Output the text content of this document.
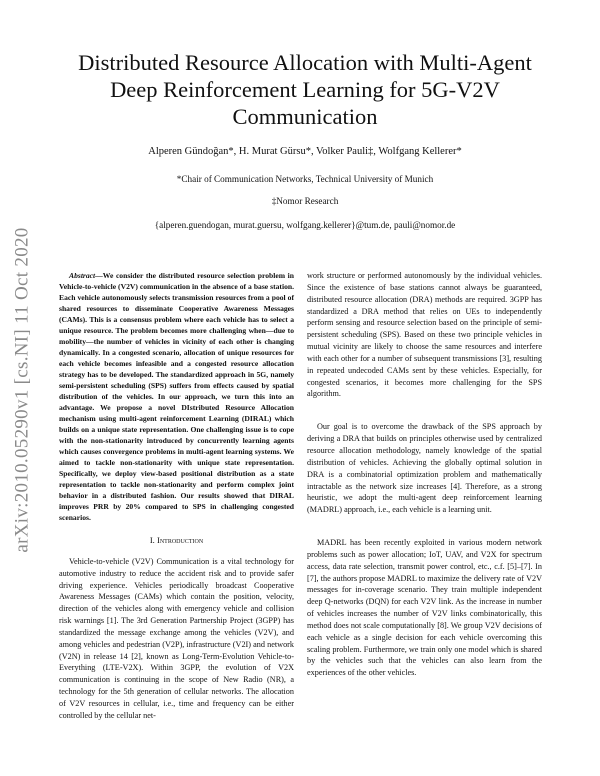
arXiv:2010.05290v1 [cs.NI] 11 Oct 2020
Distributed Resource Allocation with Multi-Agent
Deep Reinforcement Learning for 5G-V2V
Communication
Alperen Gündoğan*, H. Murat Gürsu*, Volker Pauli‡, Wolfgang Kellerer*
*Chair of Communication Networks, Technical University of Munich
‡Nomor Research
{alperen.guendogan, murat.guersu, wolfgang.kellerer}@tum.de, pauli@nomor.de

Abstract—We consider the distributed resource selection problem in Vehicle-to-vehicle (V2V) communication in the absence of a base station. Each vehicle autonomously selects transmission resources from a pool of shared resources to disseminate Cooperative Awareness Messages (CAMs). This is a consensus problem where each vehicle has to select a unique resource. The problem becomes more challenging when—due to mobility—the number of vehicles in vicinity of each other is changing dynamically. In a congested scenario, allocation of unique resources for each vehicle becomes infeasible and a congested resource allocation strategy has to be developed. The standardized approach in 5G, namely semi-persistent scheduling (SPS) suffers from effects caused by spatial distribution of the vehicles. In our approach, we turn this into an advantage. We propose a novel DIstributed Resource Allocation mechanism using multi-agent reinforcement Learning (DIRAL) which builds on a unique state representation. One challenging issue is to cope with the non-stationarity introduced by concurrently learning agents which causes convergence problems in multi-agent learning systems. We aimed to tackle non-stationarity with unique state representation. Specifically, we deploy view-based positional distribution as a state representation to tackle non-stationarity and perform complex joint behavior in a distributed fashion. Our results showed that DIRAL improves PRR by 20% compared to SPS in challenging congested scenarios.

I. Introduction

Vehicle-to-vehicle (V2V) Communication is a vital technology for automotive industry to reduce the accident risk and to provide safer driving experience. Vehicles periodically broadcast Cooperative Awareness Messages (CAMs) which contain the position, velocity, direction of the vehicles along with emergency vehicle and collision risk warnings [1]. The 3rd Generation Partnership Project (3GPP) has standardized the message exchange among the vehicles (V2V), and among vehicles and pedestrian (V2P), infrastructure (V2I) and network (V2N) in release 14 [2], known as Long-Term-Evolution Vehicle-to-Everything (LTE-V2X). Within 3GPP, the evolution of V2X communication is continuing in the scope of New Radio (NR), a technology for the 5th generation of cellular networks. The allocation of V2V resources in cellular, i.e., time and frequency can be either controlled by the cellular net-

work structure or performed autonomously by the individual vehicles. Since the existence of base stations cannot always be guaranteed, distributed resource allocation (DRA) methods are required. 3GPP has standardized a DRA method that relies on UEs to independently perform sensing and resource selection based on the principle of semi-persistent scheduling (SPS). Based on these two principle vehicles in mutual vicinity are likely to choose the same resources and interfere with each other for a number of subsequent transmissions [3], resulting in repeated undecoded CAMs sent by these vehicles. Especially, for congested scenarios, it becomes more challenging for the SPS algorithm.

Our goal is to overcome the drawback of the SPS approach by deriving a DRA that builds on principles otherwise used by centralized resource allocation methodology, namely knowledge of the spatial distribution of vehicles. Achieving the globally optimal solution in DRA is a combinatorial optimization problem and mathematically intractable as the network size increases [4]. Therefore, as a strong heuristic, we adopt the multi-agent deep reinforcement learning (MADRL) approach, i.e., each vehicle is a learning unit.

MADRL has been recently exploited in various modern network problems such as power allocation; IoT, UAV, and V2X for spectrum access, data rate selection, transmit power control, etc., c.f. [5]–[7]. In [7], the authors propose MADRL to maximize the delivery rate of V2V messages for in-coverage scenario. They train multiple independent deep Q-networks (DQN) for each V2V link. As the increase in number of vehicles increases the number of V2V links combinatorically, this method does not scale computationally [8]. We group V2V decisions of each vehicle as a single decision for each vehicle overcoming this scaling problem. Furthermore, we train only one model which is shared by the vehicles such that the vehicles can also learn from the experiences of the other vehicles.
